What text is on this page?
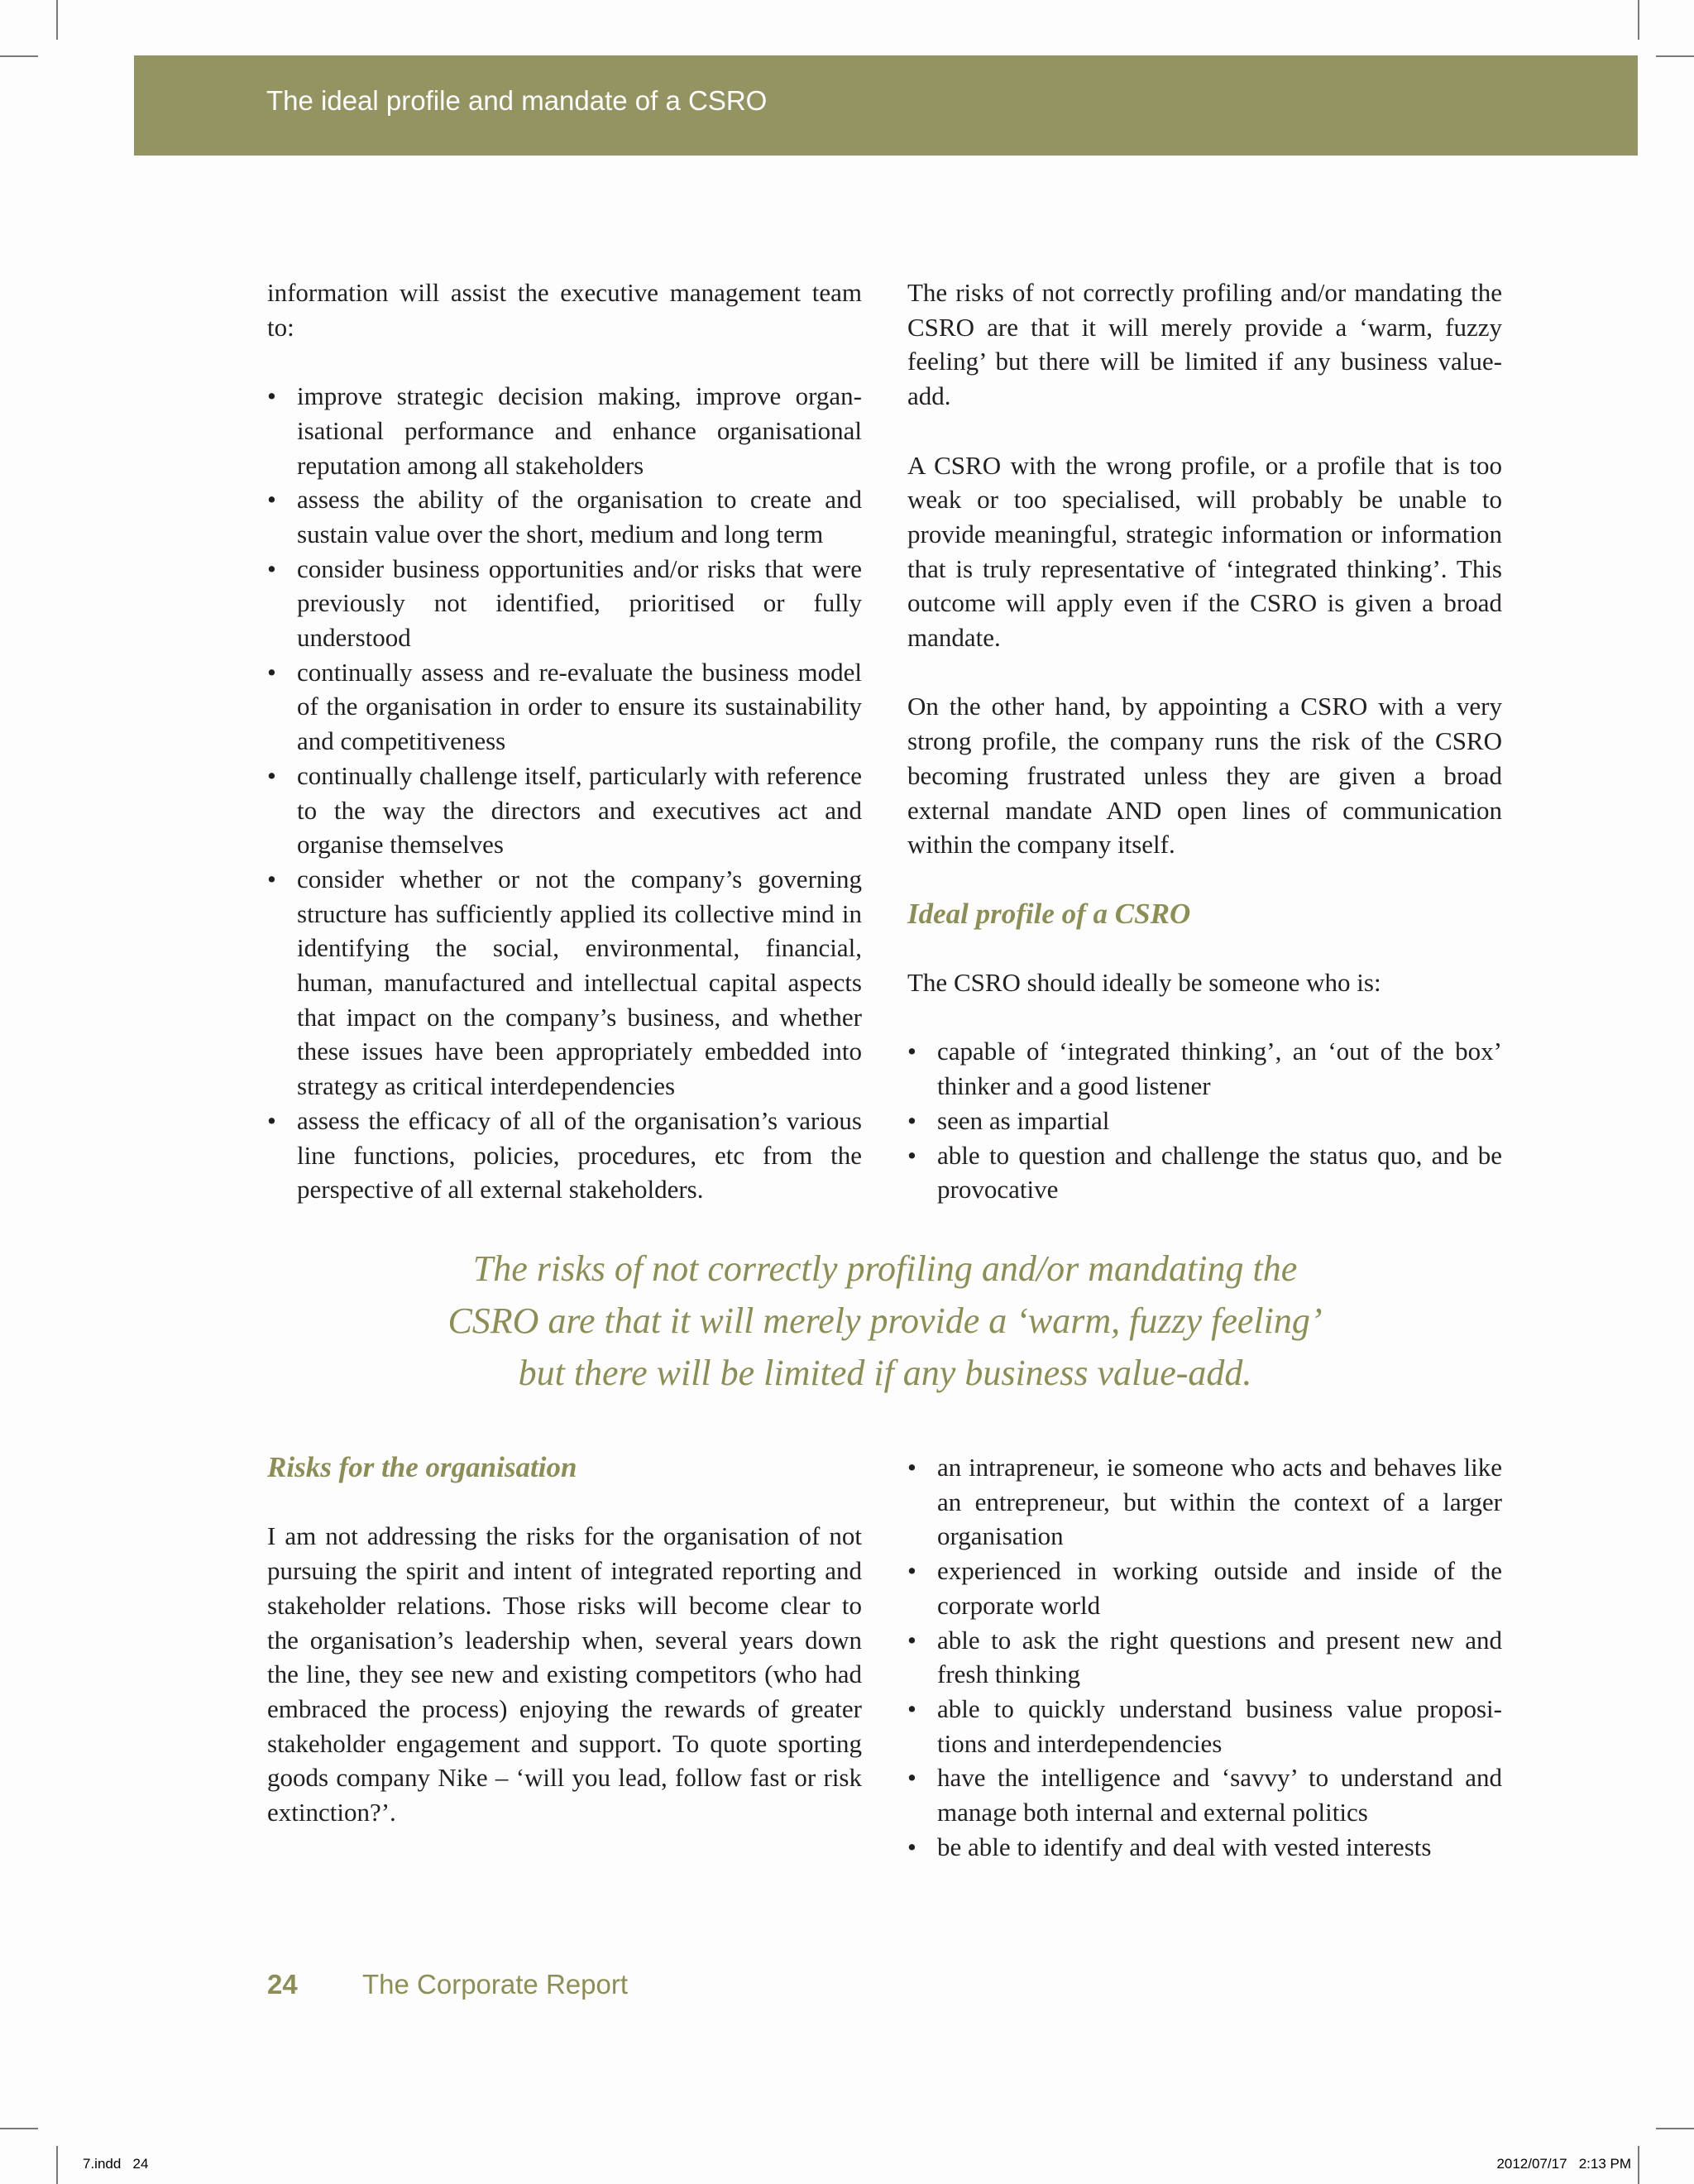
The ideal profile and mandate of a CSRO

information will assist the executive management team to:

• improve strategic decision making, improve organ-isational performance and enhance organisational reputation among all stakeholders
• assess the ability of the organisation to create and sustain value over the short, medium and long term
• consider business opportunities and/or risks that were previously not identified, prioritised or fully understood
• continually assess and re-evaluate the business model of the organisation in order to ensure its sustainability and competitiveness
• continually challenge itself, particularly with reference to the way the directors and executives act and organise themselves
• consider whether or not the company’s governing structure has sufficiently applied its collective mind in identifying the social, environmental, financial, human, manufactured and intellectual capital aspects that impact on the company’s business, and whether these issues have been appropriately embedded into strategy as critical interdependencies
• assess the efficacy of all of the organisation’s various line functions, policies, procedures, etc from the perspective of all external stakeholders.

The risks of not correctly profiling and/or mandating the CSRO are that it will merely provide a ‘warm, fuzzy feeling’ but there will be limited if any business value-add.

A CSRO with the wrong profile, or a profile that is too weak or too specialised, will probably be unable to provide meaningful, strategic information or information that is truly representative of ‘integrated thinking’. This outcome will apply even if the CSRO is given a broad mandate.

On the other hand, by appointing a CSRO with a very strong profile, the company runs the risk of the CSRO becoming frustrated unless they are given a broad external mandate AND open lines of communication within the company itself.

Ideal profile of a CSRO

The CSRO should ideally be someone who is:

• capable of ‘integrated thinking’, an ‘out of the box’ thinker and a good listener
• seen as impartial
• able to question and challenge the status quo, and be provocative

The risks of not correctly profiling and/or mandating the
CSRO are that it will merely provide a ‘warm, fuzzy feeling’
but there will be limited if any business value-add.

Risks for the organisation

I am not addressing the risks for the organisation of not pursuing the spirit and intent of integrated reporting and stakeholder relations. Those risks will become clear to the organisation’s leadership when, several years down the line, they see new and existing competitors (who had embraced the process) enjoying the rewards of greater stakeholder engagement and support. To quote sporting goods company Nike – ‘will you lead, follow fast or risk extinction?’.

• an intrapreneur, ie someone who acts and behaves like an entrepreneur, but within the context of a larger organisation
• experienced in working outside and inside of the corporate world
• able to ask the right questions and present new and fresh thinking
• able to quickly understand business value proposi-tions and interdependencies
• have the intelligence and ‘savvy’ to understand and manage both internal and external politics
• be able to identify and deal with vested interests
24 The Corporate Report
7.indd   24	2012/07/17   2:13 PM
